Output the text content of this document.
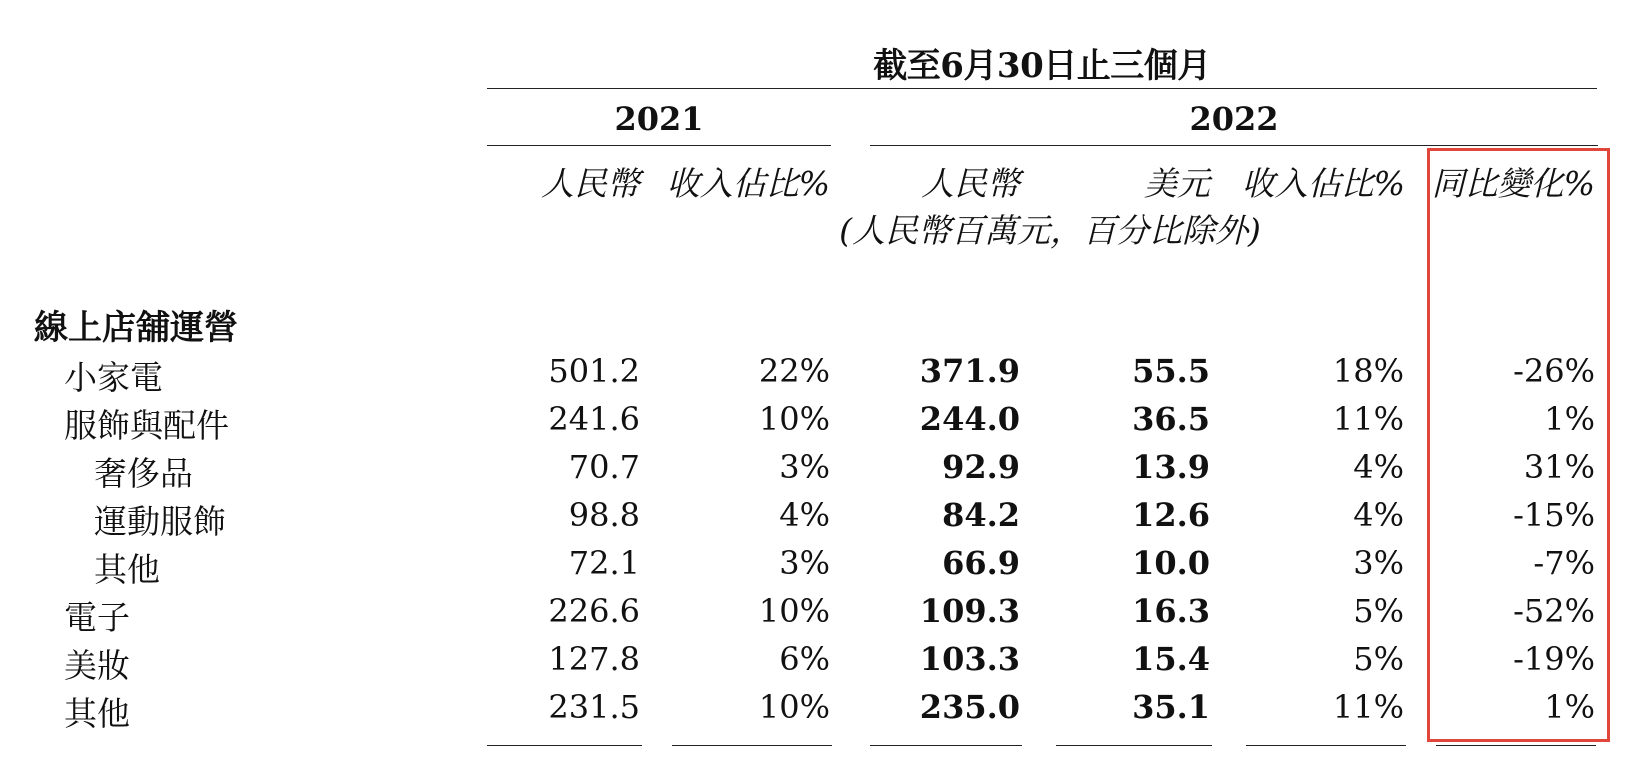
截至6月30日止三個月
2021	2022
人民幣 收入佔比%	人民幣	美元 收入佔比% 同比變化%
(人民幣百萬元，百分比除外)
線上店舖運營
小家電	501.2	22%	371.9	55.5	18%	-26%
服飾與配件	241.6	10%	244.0	36.5	11%	1%
奢侈品	70.7	3%	92.9	13.9	4%	31%
運動服飾	98.8	4%	84.2	12.6	4%	-15%
其他	72.1	3%	66.9	10.0	3%	-7%
電子	226.6	10%	109.3	16.3	5%	-52%
美妝	127.8	6%	103.3	15.4	5%	-19%
其他	231.5	10%	235.0	35.1	11%	1%
